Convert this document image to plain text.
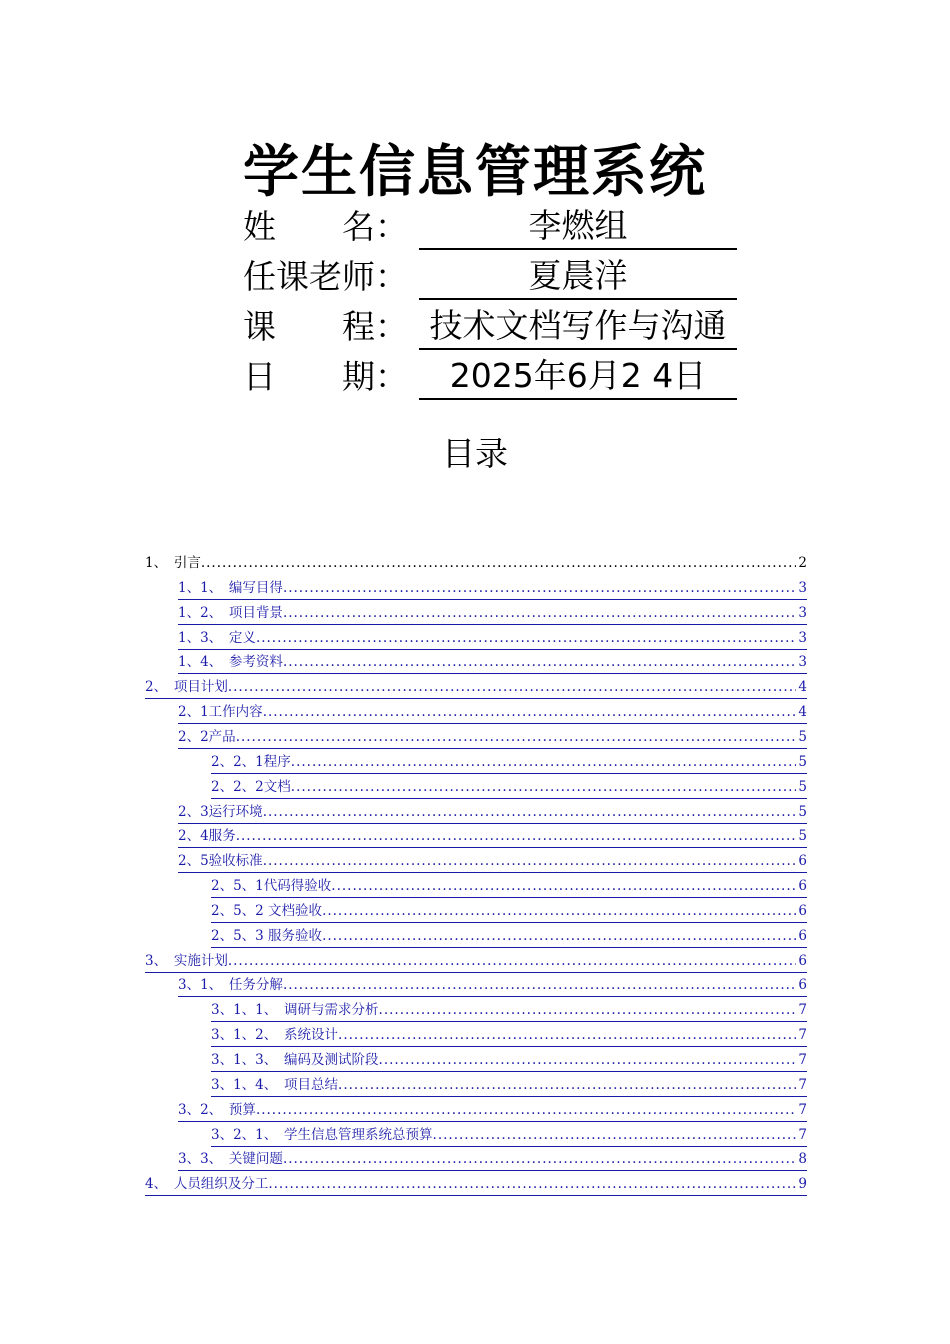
学生信息管理系统
姓　　名：	李燃组
任课老师：	夏晨洋
课　　程： 技术文档写作与沟通
日　　期：	2025年6月2 4日
目录
1、　引言 .....	2
1、1、　编写目得 .....	3
1、2、　项目背景 .....	3
1、3、　定义 .....	3
1、4、　参考资料 .....	3
2、　项目计划 .....	4
2、1工作内容 .....	4
2、2产品 .....	5
2、2、1程序 .....	5
2、2、2文档 .....	5
2、3运行环境 .....	5
2、4服务 .....	5
2、5验收标准 .....	6
2、5、1代码得验收 .....	6
2、5、2 文档验收 .....	6
2、5、3 服务验收 .....	6
3、　实施计划 .....	6
3、1、　任务分解 .....	6
3、1、1、　调研与需求分析 .....	7
3、1、2、　系统设计 .....	7
3、1、3、　编码及测试阶段 .....	7
3、1、4、　项目总结 .....	7
3、2、　预算 .....	7
3、2、1、　学生信息管理系统总预算 .....	7
3、3、　关键问题 .....	8
4、　人员组织及分工 .....	9
